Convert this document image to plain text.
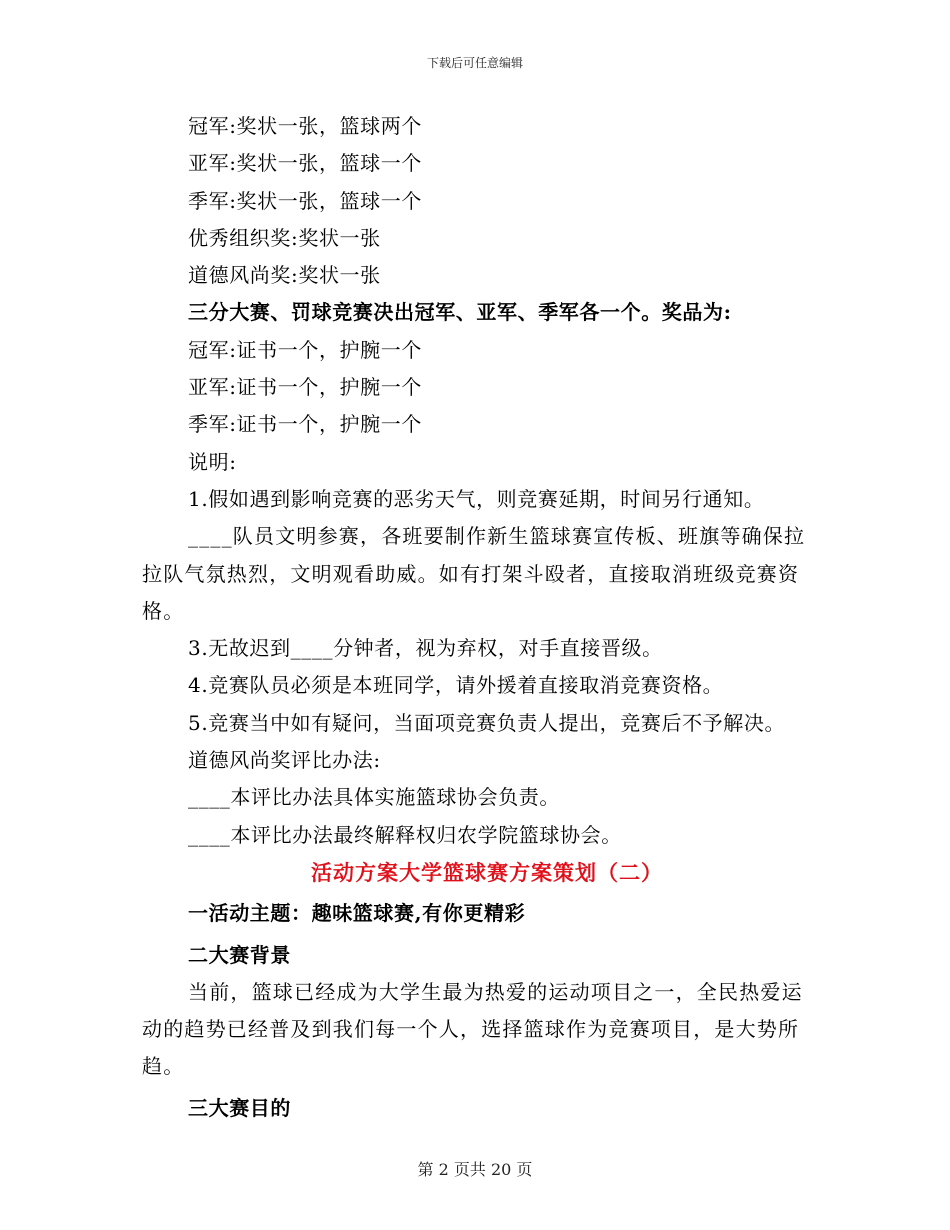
下载后可任意编辑
冠军:奖状一张，篮球两个
亚军:奖状一张，篮球一个
季军:奖状一张，篮球一个
优秀组织奖:奖状一张
道德风尚奖:奖状一张
三分大赛、罚球竞赛决出冠军、亚军、季军各一个。奖品为:
冠军:证书一个，护腕一个
亚军:证书一个，护腕一个
季军:证书一个，护腕一个
说明:
1.假如遇到影响竞赛的恶劣天气，则竞赛延期，时间另行通知。
____队员文明参赛，各班要制作新生篮球赛宣传板、班旗等确保拉拉队气氛热烈，文明观看助威。如有打架斗殴者，直接取消班级竞赛资格。
3.无故迟到____分钟者，视为弃权，对手直接晋级。
4.竞赛队员必须是本班同学，请外援着直接取消竞赛资格。
5.竞赛当中如有疑问，当面项竞赛负责人提出，竞赛后不予解决。
道德风尚奖评比办法:
____本评比办法具体实施篮球协会负责。
____本评比办法最终解释权归农学院篮球协会。
活动方案大学篮球赛方案策划（二）
一活动主题：趣味篮球赛,有你更精彩
二大赛背景
当前，篮球已经成为大学生最为热爱的运动项目之一，全民热爱运动的趋势已经普及到我们每一个人，选择篮球作为竞赛项目，是大势所趋。
三大赛目的
第 2 页共 20 页
